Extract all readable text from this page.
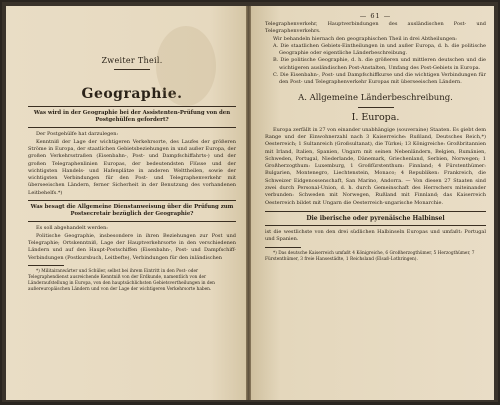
Zweiter Theil.
Geographie.
Was wird in der Geographie bei der Assistenten-Prüfung von den Postgehülfen gefordert?
Der Postgehülfe hat darzulegen:
Kenntniß der Lage der wichtigeren Verkehrsorte, des Laufes der größeren Ströme in Europa, der staatlichen Gebietsbeziehungen in und außer Europa, der großen Verkehrsstraßen (Eisenbahn-, Post- und Dampfschiffahrts-) und der großen Telegraphenlinien Europas, der bedeutendsten Flüsse und der wichtigsten Handels- und Hafenplätze in anderen Welttheilen, sowie der wichtigsten Verbindungen für den Post- und Telegraphenverkehr mit überseeischen Ländern, ferner Sicherheit in der Benutzung des vorhandenen Leitbehelfs.*)
Was besagt die Allgemeine Dienstanweisung über die Prüfung zum Postsecretair bezüglich der Geographie?
Es soll abgehandelt werden:
Politische Geographie, insbesondere in ihren Beziehungen zur Post und Telegraphie; Ortskenntniß, Lage der Hauptverkehrsorte in den verschiedenen Ländern und auf den Haupt-Postschiffen (Eisenbahn-, Post- und Dampfschiff-Verbindungen (Postkursbuch, Leitbefte), Verbindungen für den inländischen
*) Militairanwärter und Schüler, selbst bei ihrem Eintritt in den Post- oder Telegraphendienst ausreichende Kenntniß von der Erdkunde, namentlich von der Länderaufstellung in Europa, von den hauptsächlichsten Gebietsvertheilungen in den außereuropäischen Ländern und von der Lage der wichtigeren Verkehrsorte haben.
— 61 —
Telegraphenverkehr, Hauptverbindungen des ausländischen Post- und Telegraphenverkehrs.
Wir behandeln hiernach den geographischen Theil in drei Abtheilungen:
A. Die staatlichen Gebiets-Eintheilungen in und außer Europa, d. h. die politische Geographie oder eigentliche Länderbeschreibung.
B. Die politische Geographie, d. h. die größeren und mittleren deutschen und die wichtigeren ausländischen Post-Anstalten, Umfang des Post-Gebiets in Europa.
C. Die Eisenbahn-, Post- und Dampfschiffkurse und die wichtigen Verbindungen für den Post- und Telegraphenverkehr Europas mit überseeischen Ländern.
A. Allgemeine Länderbeschreibung.
I. Europa.
Europa zerfällt in 27 von einander unabhängige (souveraine) Staaten. Es giebt dem Range und der Einwohnerzahl nach 3 Kaiserreiche: Rußland, Deutsches Reich,*) Oesterreich; 1 Sultanreich (Großsultanat), die Türkei; 13 Königreiche: Großbritannien mit Irland, Italien, Spanien, Ungarn mit seinen Nebenländern, Belgien, Rumänien, Schweden, Portugal, Niederlande, Dänemark, Griechenland, Serbien, Norwegen; 1 Großherzogthum: Luxemburg, 1 Großfürstenthum: Finnland; 4 Fürstenthümer: Bulgarien, Montenegro, Liechtenstein, Monaco; 4 Republiken: Frankreich, die Schweizer Eidgenossenschaft, San Marino, Andorra. — Von diesen 27 Staaten sind zwei durch Personal-Union, d. h. durch Gemeinschaft des Herrschers miteinander verbunden: Schweden mit Norwegen, Rußland mit Finnland; das Kaiserreich Oesterreich bildet mit Ungarn die Oesterreich-ungarische Monarchie.
Die iberische oder pyrenäische Halbinsel
ist die westlichste von den drei südlichen Halbinseln Europas und umfaßt: Portugal und Spanien.
*) Das deutsche Kaiserreich umfaßt 4 Königreiche, 6 Großherzogthümer, 5 Herzogthümer, 7 Fürstenthümer, 3 freie Hansestädte, 1 Reichsland (Elsaß-Lothringen).
